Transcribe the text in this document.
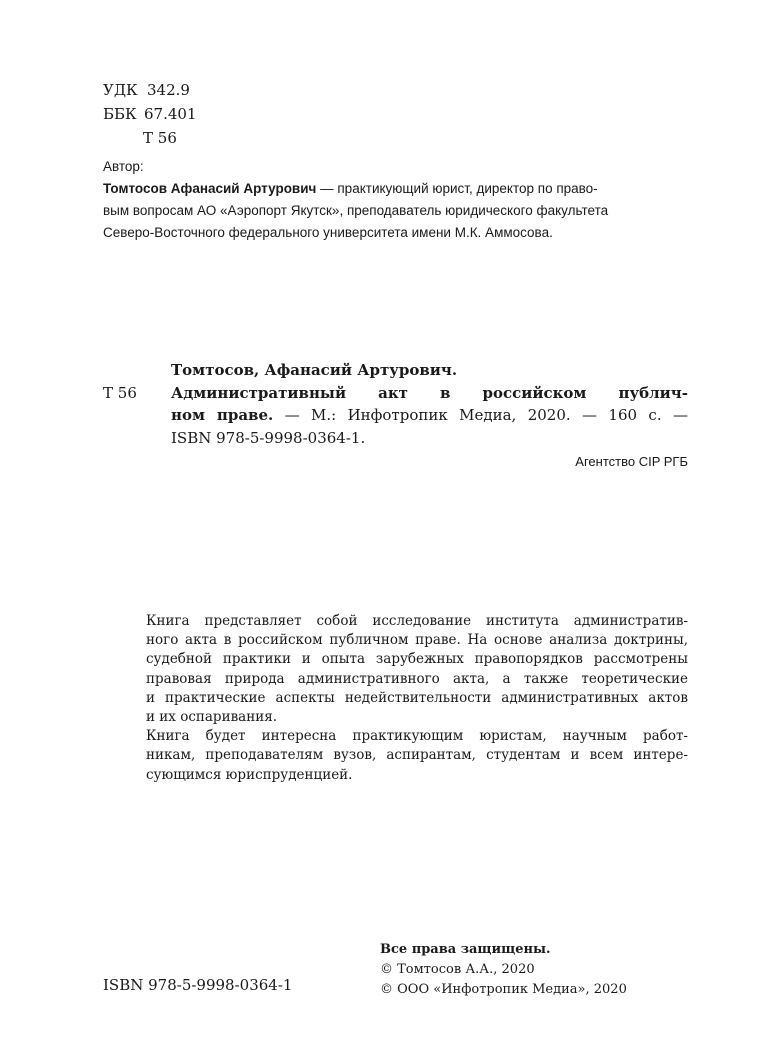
УДК 342.9
ББК 67.401
Т 56
Автор:

Томтосов Афанасий Артурович — практикующий юрист, директор по право-
вым вопросам АО «Аэропорт Якутск», преподаватель юридического факультета
Северо-Восточного федерального университета имени М.К. Аммосова.

Томтосов, Афанасий Артурович.
Т 56	Административный акт в российском публич-
ном праве. — М.: Инфотропик Медиа, 2020. — 160 с. —
ISBN 978-5-9998-0364-1.
Агентство CIP РГБ

Книга представляет собой исследование института административ-
ного акта в российском публичном праве. На основе анализа доктрины,
судебной практики и опыта зарубежных правопорядков рассмотрены
правовая природа административного акта, а также теоретические
и практические аспекты недействительности административных актов
и их оспаривания.

Книга будет интересна практикующим юристам, научным работ-
никам, преподавателям вузов, аспирантам, студентам и всем интере-
сующимся юриспруденцией.

ISBN 978-5-9998-0364-1
Все права защищены.
© Томтосов А.А., 2020
© ООО «Инфотропик Медиа», 2020
